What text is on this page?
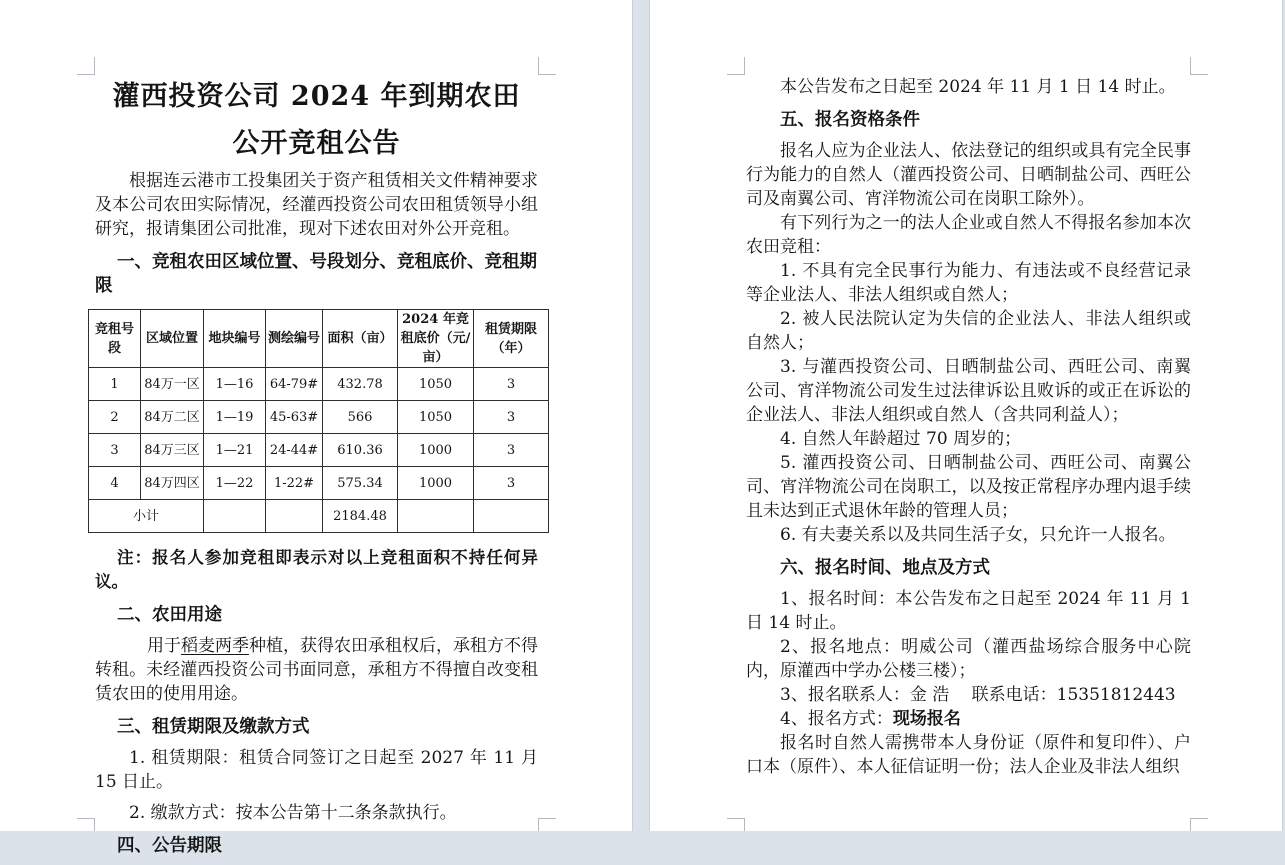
灌西投资公司 2024 年到期农田
公开竞租公告

根据连云港市工投集团关于资产租赁相关文件精神要求及本公司农田实际情况，经灌西投资公司农田租赁领导小组研究，报请集团公司批准，现对下述农田对外公开竞租。

一、竞租农田区域位置、号段划分、竞租底价、竞租期限
竞租号段	区域位置	地块编号	测绘编号	面积（亩）	2024 年竞租底价（元/亩）	租赁期限（年）
1	84万一区	1—16	64-79#	432.78	1050	3
2	84万二区	1—19	45-63#	566	1050	3
3	84万三区	1—21	24-44#	610.36	1000	3
4	84万四区	1—22	1-22#	575.34	1000	3
小计				2184.48		
注：报名人参加竞租即表示对以上竞租面积不持任何异议。
二、农田用途

用于稻麦两季种植，获得农田承租权后，承租方不得转租。未经灌西投资公司书面同意，承租方不得擅自改变租赁农田的使用用途。

三、租赁期限及缴款方式

1. 租赁期限：租赁合同签订之日起至 2027 年 11 月 15 日止。

2. 缴款方式：按本公告第十二条条款执行。

四、公告期限

本公告发布之日起至 2024 年 11 月 1 日 14 时止。

五、报名资格条件

报名人应为企业法人、依法登记的组织或具有完全民事行为能力的自然人（灌西投资公司、日晒制盐公司、西旺公司及南翼公司、宵洋物流公司在岗职工除外）。

有下列行为之一的法人企业或自然人不得报名参加本次农田竞租：

1. 不具有完全民事行为能力、有违法或不良经营记录等企业法人、非法人组织或自然人；

2. 被人民法院认定为失信的企业法人、非法人组织或自然人；

3. 与灌西投资公司、日晒制盐公司、西旺公司、南翼公司、宵洋物流公司发生过法律诉讼且败诉的或正在诉讼的企业法人、非法人组织或自然人（含共同利益人）；

4. 自然人年龄超过 70 周岁的；

5. 灌西投资公司、日晒制盐公司、西旺公司、南翼公司、宵洋物流公司在岗职工，以及按正常程序办理内退手续且未达到正式退休年龄的管理人员；

6. 有夫妻关系以及共同生活子女，只允许一人报名。

六、报名时间、地点及方式

1、报名时间：本公告发布之日起至 2024 年 11 月 1 日 14 时止。

2、报名地点：明威公司（灌西盐场综合服务中心院内，原灌西中学办公楼三楼）；

3、报名联系人：金 浩　 联系电话：15351812443

4、报名方式：现场报名

报名时自然人需携带本人身份证（原件和复印件）、户口本（原件）、本人征信证明一份；法人企业及非法人组织
